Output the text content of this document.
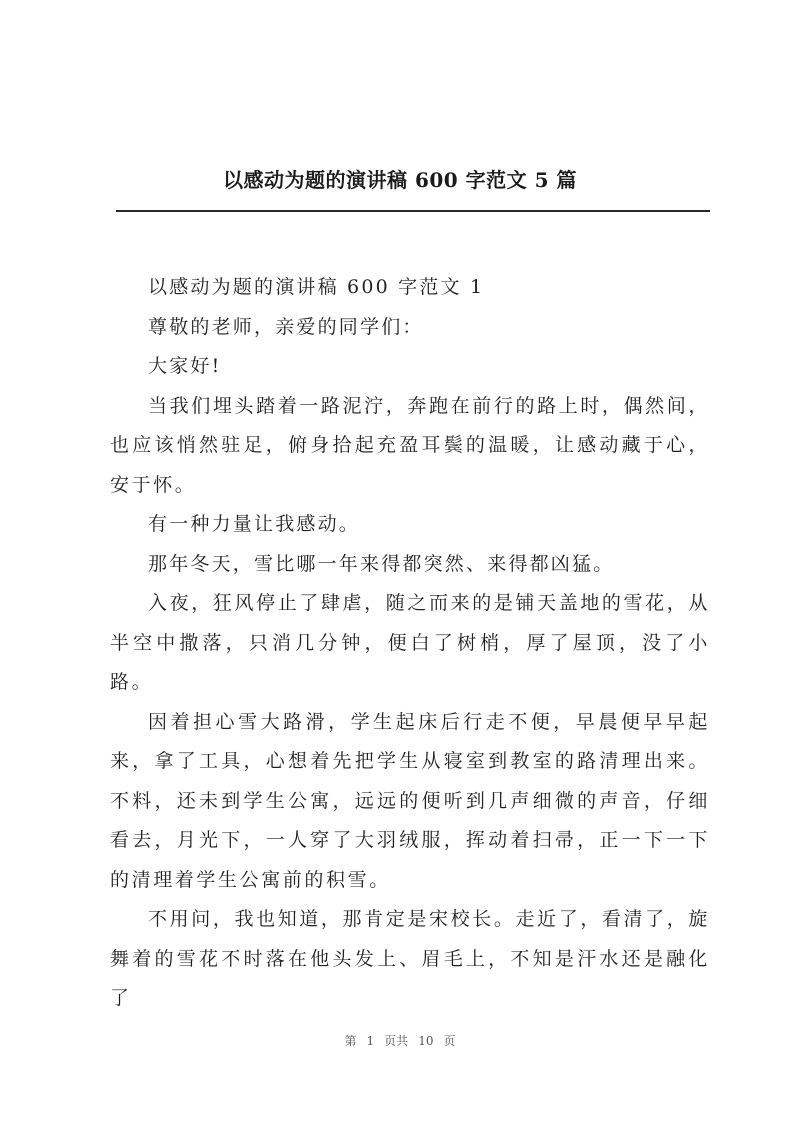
以感动为题的演讲稿 600 字范文 5 篇

以感动为题的演讲稿 600 字范文 1

尊敬的老师，亲爱的同学们：

大家好!

当我们埋头踏着一路泥泞，奔跑在前行的路上时，偶然间，也应该悄然驻足，俯身拾起充盈耳鬓的温暖，让感动藏于心，安于怀。

有一种力量让我感动。

那年冬天，雪比哪一年来得都突然、来得都凶猛。

入夜，狂风停止了肆虐，随之而来的是铺天盖地的雪花，从半空中撒落，只消几分钟，便白了树梢，厚了屋顶，没了小路。

因着担心雪大路滑，学生起床后行走不便，早晨便早早起来，拿了工具，心想着先把学生从寝室到教室的路清理出来。不料，还未到学生公寓，远远的便听到几声细微的声音，仔细看去，月光下，一人穿了大羽绒服，挥动着扫帚，正一下一下的清理着学生公寓前的积雪。

不用问，我也知道，那肯定是宋校长。走近了，看清了，旋舞着的雪花不时落在他头发上、眉毛上，不知是汗水还是融化了

第 1 页共 10 页
